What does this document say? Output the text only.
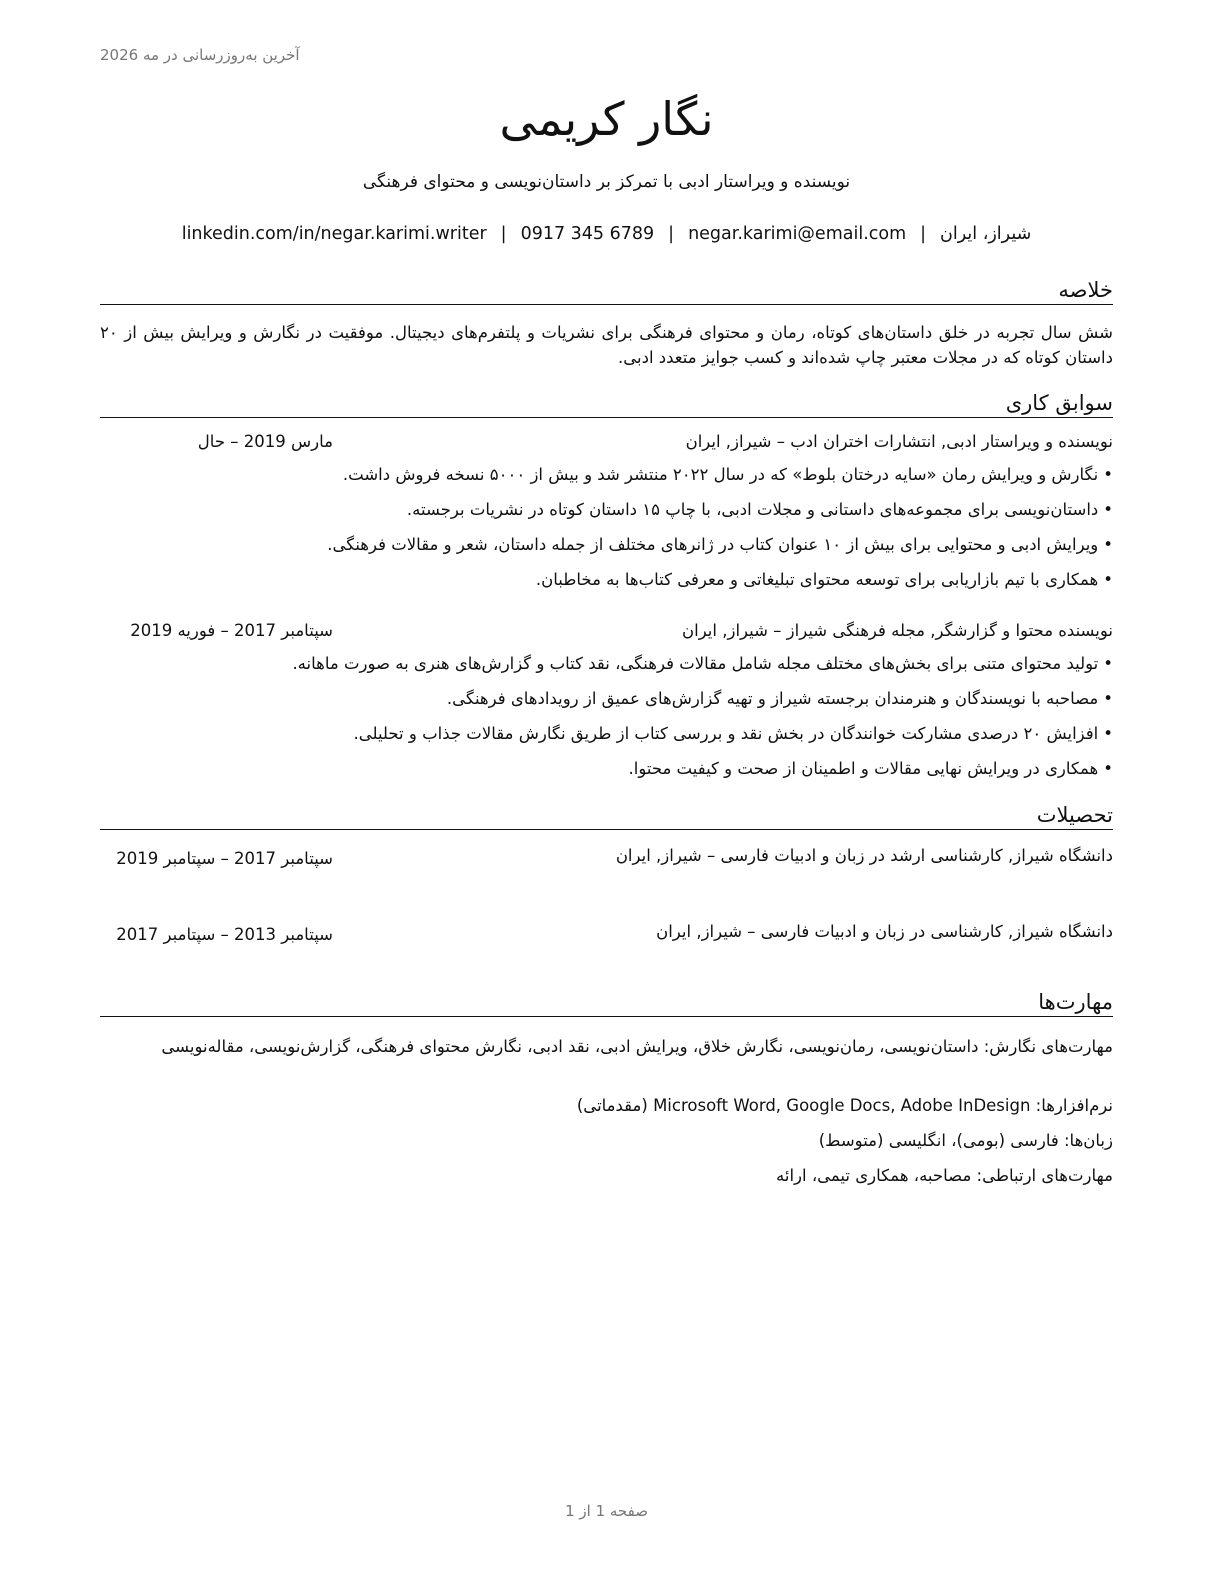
آخرین به‌روزرسانی در مه 2026
نگار کریمی
نویسنده و ویراستار ادبی با تمرکز بر داستان‌نویسی و محتوای فرهنگی
شیراز، ایران|negar.karimi@email.com|0917 345 6789|linkedin.com/in/negar.karimi.writer
خلاصه
شش سال تجربه در خلق داستان‌های کوتاه، رمان و محتوای فرهنگی برای نشریات و پلتفرم‌های دیجیتال. موفقیت در نگارش و ویرایش بیش از ۲۰ داستان کوتاه که در مجلات معتبر چاپ شده‌اند و کسب جوایز متعدد ادبی.
سوابق کاری
نویسنده و ویراستار ادبی, انتشارات اختران ادب – شیراز, ایران
مارس 2019 – حال
•نگارش و ویرایش رمان «سایه درختان بلوط» که در سال ۲۰۲۲ منتشر شد و بیش از ۵۰۰۰ نسخه فروش داشت.
•داستان‌نویسی برای مجموعه‌های داستانی و مجلات ادبی، با چاپ ۱۵ داستان کوتاه در نشریات برجسته.
•ویرایش ادبی و محتوایی برای بیش از ۱۰ عنوان کتاب در ژانرهای مختلف از جمله داستان، شعر و مقالات فرهنگی.
•همکاری با تیم بازاریابی برای توسعه محتوای تبلیغاتی و معرفی کتاب‌ها به مخاطبان.
نویسنده محتوا و گزارشگر, مجله فرهنگی شیراز – شیراز, ایران
سپتامبر 2017 – فوریه 2019
•تولید محتوای متنی برای بخش‌های مختلف مجله شامل مقالات فرهنگی، نقد کتاب و گزارش‌های هنری به صورت ماهانه.
•مصاحبه با نویسندگان و هنرمندان برجسته شیراز و تهیه گزارش‌های عمیق از رویدادهای فرهنگی.
•افزایش ۲۰ درصدی مشارکت خوانندگان در بخش نقد و بررسی کتاب از طریق نگارش مقالات جذاب و تحلیلی.
•همکاری در ویرایش نهایی مقالات و اطمینان از صحت و کیفیت محتوا.
تحصیلات
دانشگاه شیراز, کارشناسی ارشد در زبان و ادبیات فارسی – شیراز, ایران
سپتامبر 2017 – سپتامبر 2019
دانشگاه شیراز, کارشناسی در زبان و ادبیات فارسی – شیراز, ایران
سپتامبر 2013 – سپتامبر 2017
مهارت‌ها
مهارت‌های نگارش: داستان‌نویسی، رمان‌نویسی، نگارش خلاق، ویرایش ادبی، نقد ادبی، نگارش محتوای فرهنگی، گزارش‌نویسی، مقاله‌نویسی
نرم‌افزارها: Microsoft Word, Google Docs, Adobe InDesign (مقدماتی)
زبان‌ها: فارسی (بومی)، انگلیسی (متوسط)
مهارت‌های ارتباطی: مصاحبه، همکاری تیمی، ارائه
صفحه 1 از 1
